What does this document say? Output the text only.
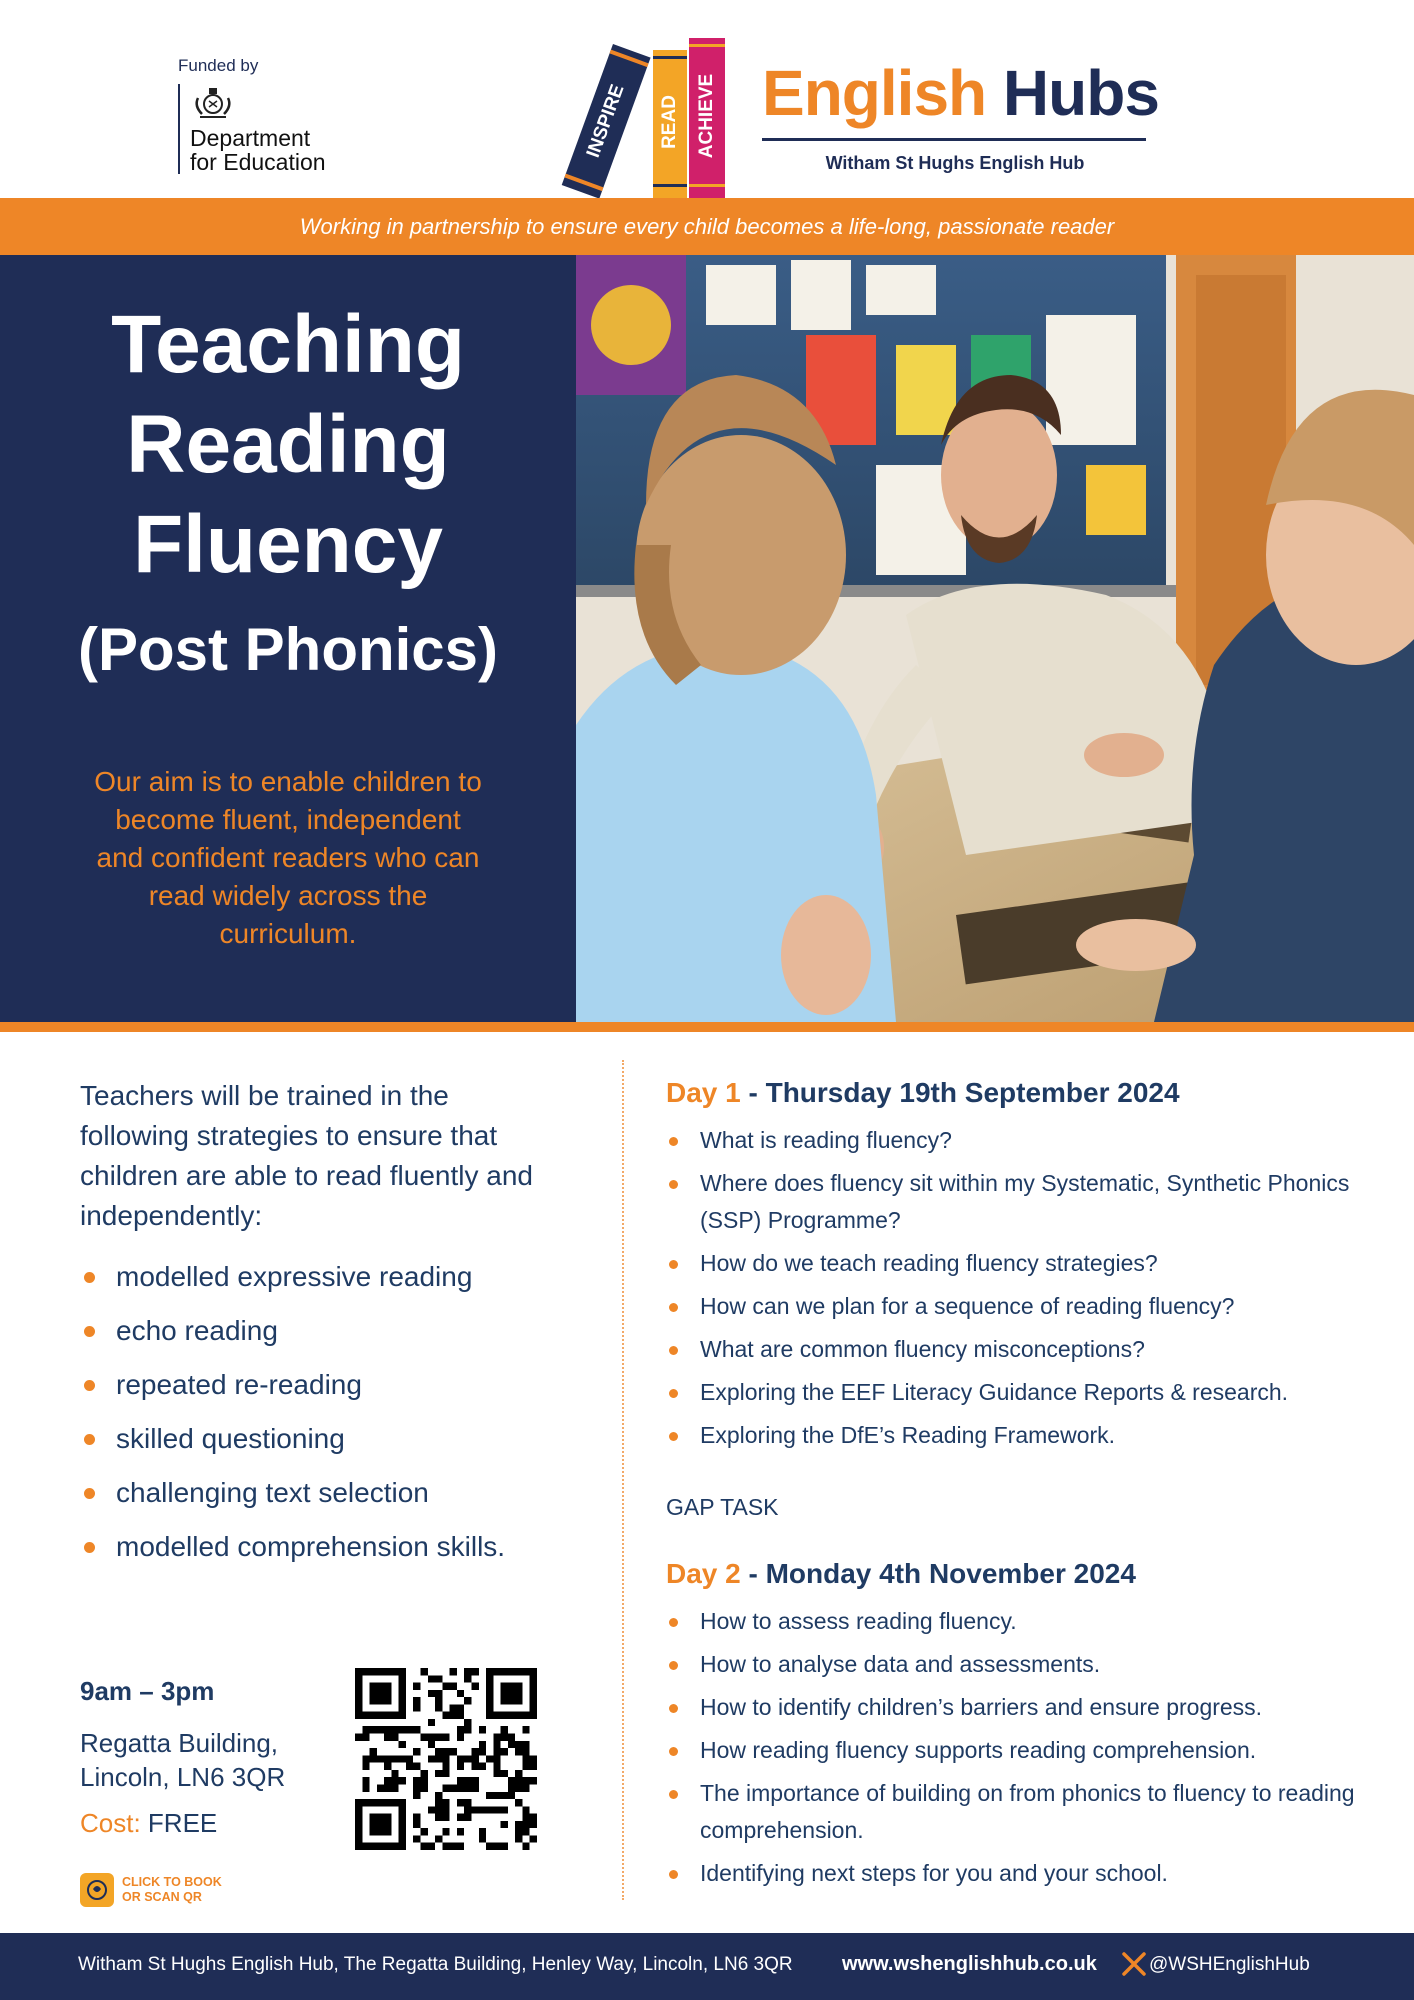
Funded by
Department
for Education
INSPIRE READ ACHIEVE English Hubs
Witham St Hughs English Hub
Working in partnership to ensure every child becomes a life-long, passionate reader
Teaching
Reading
Fluency
(Post Phonics)
Our aim is to enable children to become fluent, independent and confident readers who can read widely across the curriculum.
Teachers will be trained in the following strategies to ensure that children are able to read fluently and independently:
modelled expressive reading
echo reading
repeated re-reading
skilled questioning
challenging text selection
modelled comprehension skills.
9am – 3pm
Regatta Building, Lincoln, LN6 3QR
Cost: FREE
CLICK TO BOOK
OR SCAN QR
Day 1 - Thursday 19th September 2024
What is reading fluency?
Where does fluency sit within my Systematic, Synthetic Phonics (SSP) Programme?
How do we teach reading fluency strategies?
How can we plan for a sequence of reading fluency?
What are common fluency misconceptions?
Exploring the EEF Literacy Guidance Reports & research.
Exploring the DfE’s Reading Framework.
GAP TASK
Day 2 - Monday 4th November 2024
How to assess reading fluency.
How to analyse data and assessments.
How to identify children’s barriers and ensure progress.
How reading fluency supports reading comprehension.
The importance of building on from phonics to fluency to reading comprehension.
Identifying next steps for you and your school.
Witham St Hughs English Hub, The Regatta Building, Henley Way, Lincoln, LN6 3QR www.wshenglishhub.co.uk	@WSHEnglishHub
